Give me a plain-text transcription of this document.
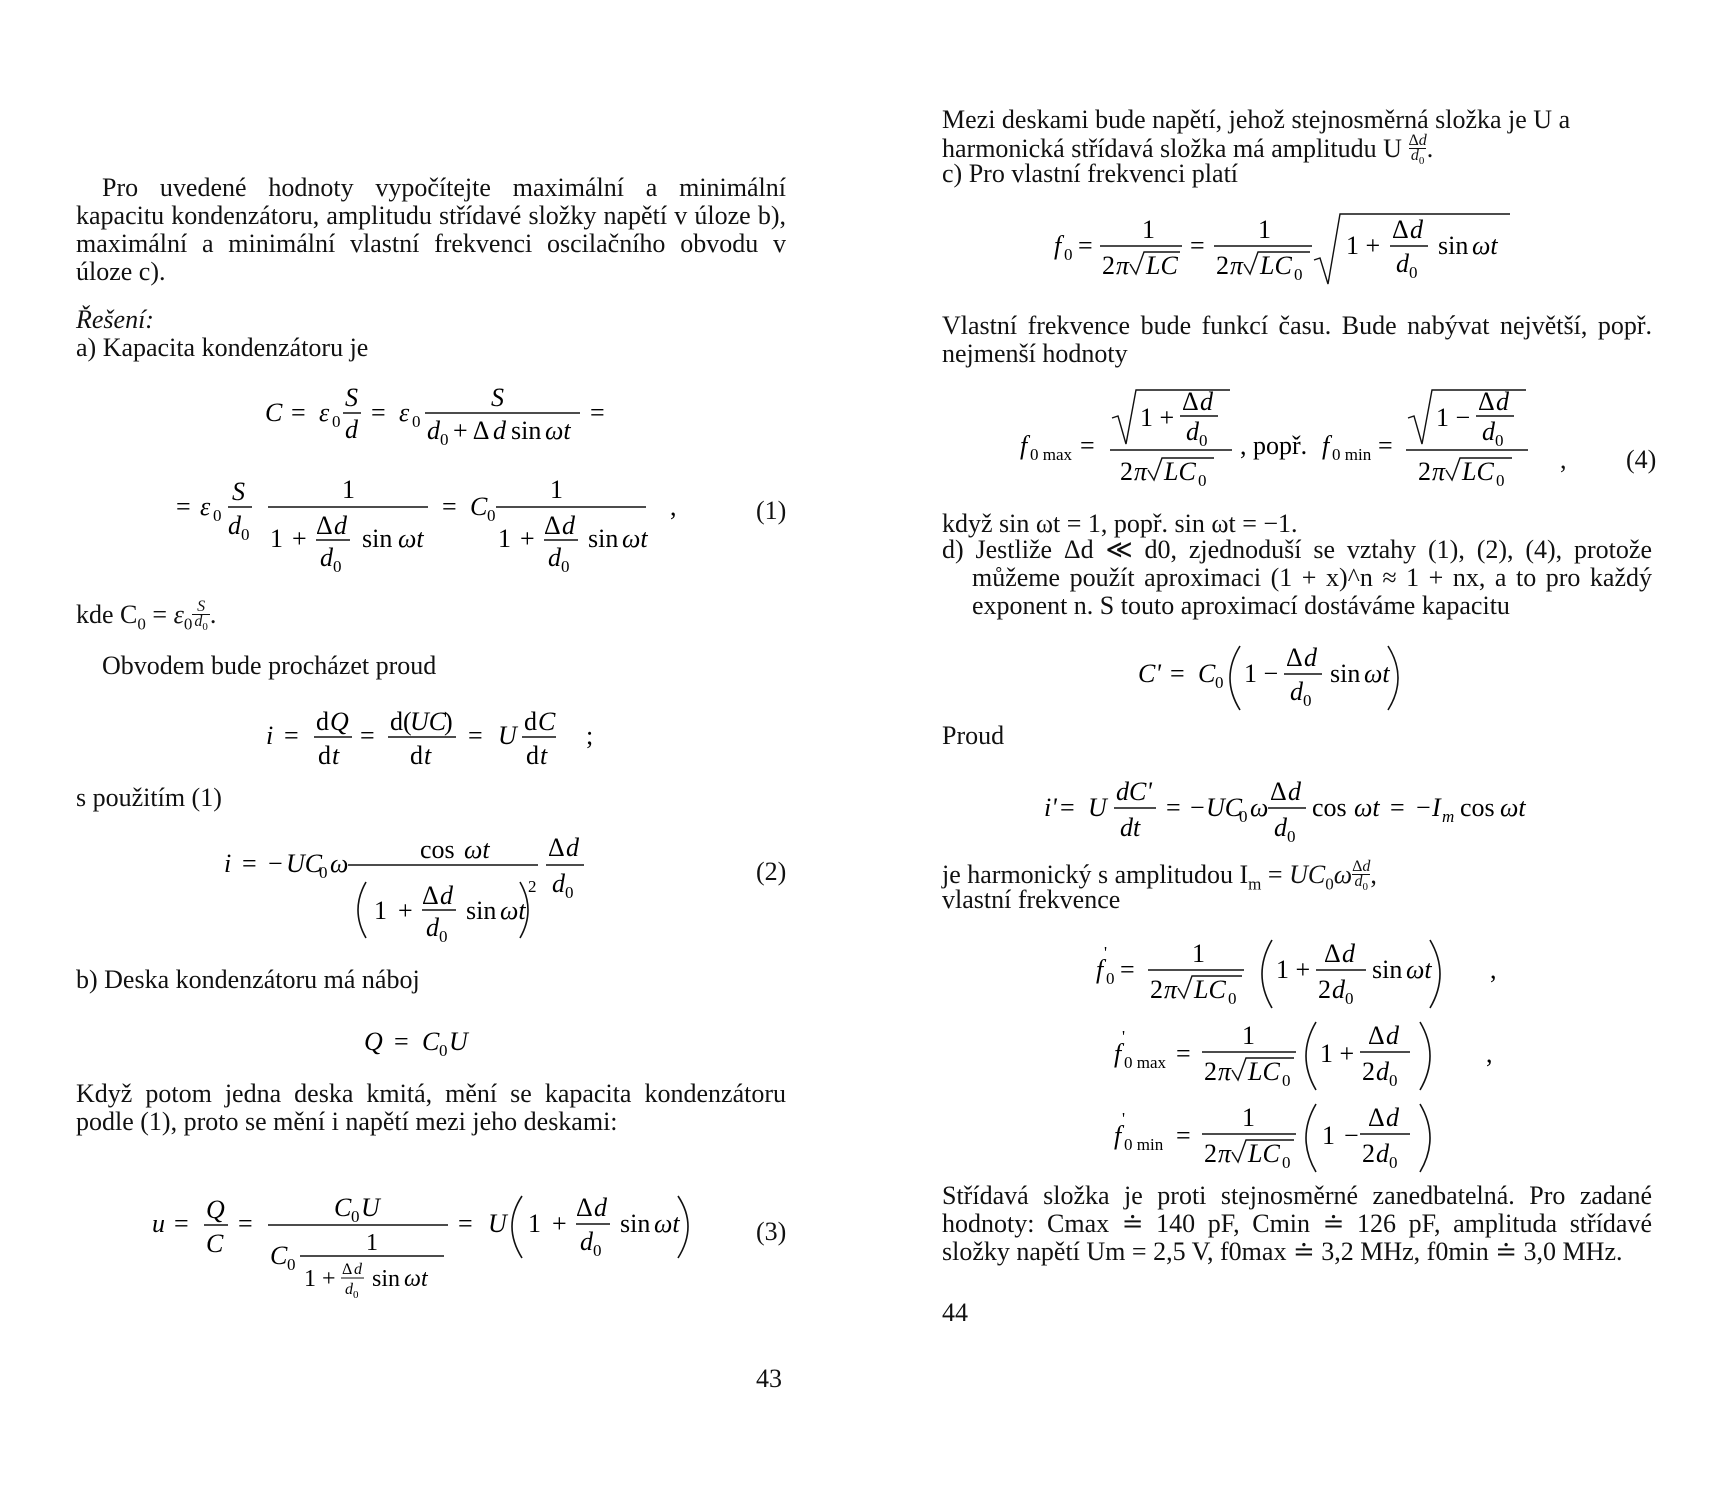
Pro uvedené hodnoty vypočítejte maximální a minimální kapacitu kondenzátoru, amplitudu střídavé složky napětí v úloze b), maximální a minimální vlastní frekvenci oscilačního obvodu v úloze c).
Řešení:
a) Kapacita kondenzátoru je
C = ε 0
S
d
= ε 0
S
d 0 + Δ d sin ωt
=
= ε 0
S
d 0
1
1 + Δ d
d 0
sin ωt
= C 0
1
1 + Δ d
d 0
sin ωt
,	(1)
kde $C_0 = \varepsilon_0\frac{S}{d_0}$.
Obvodem bude procházet proud
i = d Q
d t
= d(
UC
)
d t
= U d C
d t
;
s použitím (1)
i = − UC
0 ω	cos ωt
1 +
Δ d
d 0
sin ωt
2
Δ d
d 0
(2)
b) Deska kondenzátoru má náboj
Q = C 0 U
Když potom jedna deska kmitá, mění se kapacita kondenzátoru podle (1), proto se mění i napětí mezi jeho deskami:
u = Q
C
=
C 0 U
C 0
1
1 + Δ d
d 0
sin ωt
= U 1 +
Δ d
d 0
sin ωt	(3)
43
Mezi deskami bude napětí, jehož stejnosměrná složka je U a
harmonická střídavá složka má amplitudu U Δd
$d_0$.
c) Pro vlastní frekvenci platí
f 0 =
1
2 π LC
=
1
2 π LC 0
1 +
Δ d
d 0
sin ωt
Vlastní frekvence bude funkcí času. Bude nabývat největší, popř. nejmenší hodnoty
f 0 max =
1 +
Δ d
d 0
2 π LC 0
, popř. f 0 min =
1 −
Δ d
d 0
2 π LC 0
, (4)
když sin ωt = 1, popř. sin ωt = −1.
d) Jestliže Δd ≪ d0, zjednoduší se vztahy (1), (2), (4), protože můžeme použít aproximaci (1 + x)^n ≈ 1 + nx, a to pro každý exponent n. S touto aproximací dostáváme kapacitu
C' = C 0 1 −
Δ d
d 0
sin ωt
Proud
i' = U
dC'
dt
= − UC
0 ω
Δ d
d 0
cos ωt = − I m cos ωt
je harmonický s amplitudou $I_m = UC_0\omega\Delta d$
$d_0$,
vlastní frekvence
f
'
0 =
1
2 π LC 0
1 +
Δ d
2 d 0
sin ωt ,
f
'
0 max =
1
2 π LC 0
1 +
Δ d
2 d 0
,
f
'
0 min =
1
2 π LC 0
1 −
Δ d
2 d 0
Střídavá složka je proti stejnosměrné zanedbatelná. Pro zadané hodnoty: Cmax ≐ 140 pF, Cmin ≐ 126 pF, amplituda střídavé složky napětí Um = 2,5 V, f0max ≐ 3,2 MHz, f0min ≐ 3,0 MHz.
44
